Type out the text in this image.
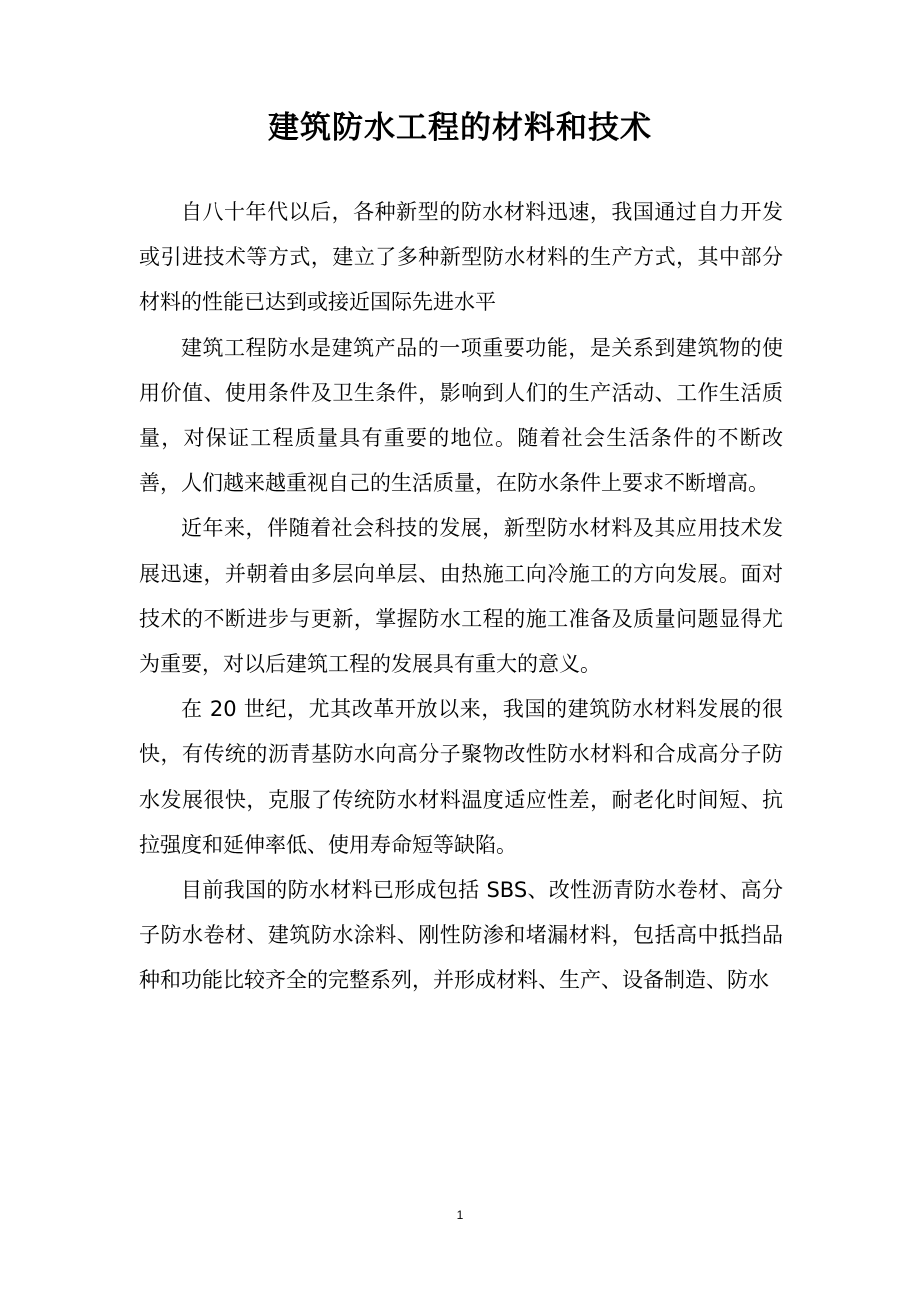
建筑防水工程的材料和技术

自八十年代以后，各种新型的防水材料迅速，我国通过自力开发或引进技术等方式，建立了多种新型防水材料的生产方式，其中部分材料的性能已达到或接近国际先进水平

建筑工程防水是建筑产品的一项重要功能，是关系到建筑物的使用价值、使用条件及卫生条件，影响到人们的生产活动、工作生活质量，对保证工程质量具有重要的地位。随着社会生活条件的不断改善，人们越来越重视自己的生活质量，在防水条件上要求不断增高。

近年来，伴随着社会科技的发展，新型防水材料及其应用技术发展迅速，并朝着由多层向单层、由热施工向冷施工的方向发展。面对技术的不断进步与更新，掌握防水工程的施工准备及质量问题显得尤为重要，对以后建筑工程的发展具有重大的意义。

在 20 世纪，尤其改革开放以来，我国的建筑防水材料发展的很快，有传统的沥青基防水向高分子聚物改性防水材料和合成高分子防水发展很快，克服了传统防水材料温度适应性差，耐老化时间短、抗拉强度和延伸率低、使用寿命短等缺陷。

目前我国的防水材料已形成包括 SBS、改性沥青防水卷材、高分子防水卷材、建筑防水涂料、刚性防渗和堵漏材料，包括高中抵挡品种和功能比较齐全的完整系列，并形成材料、生产、设备制造、防水

1
